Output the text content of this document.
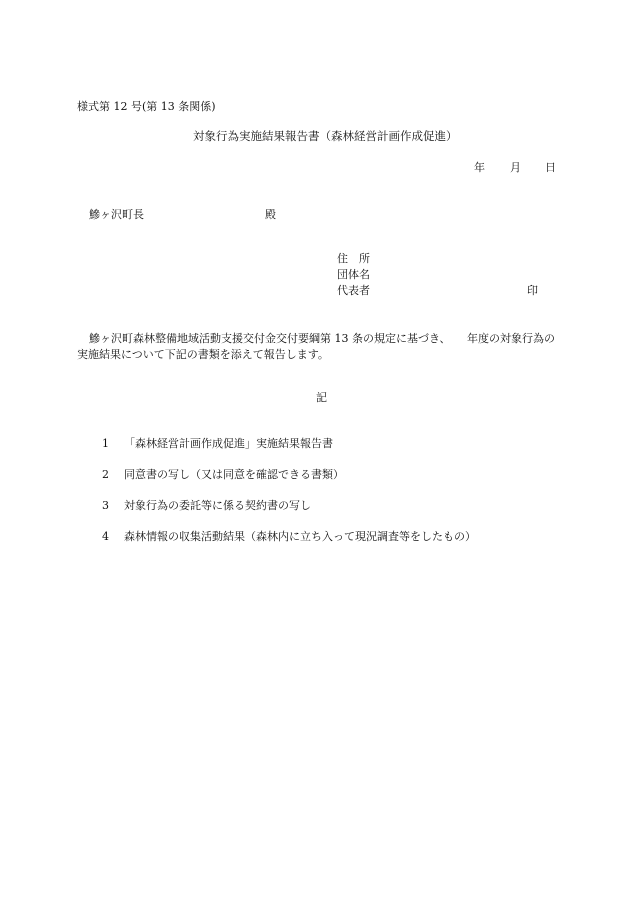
様式第 12 号(第 13 条関係)
対象行為実施結果報告書（森林経営計画作成促進）
年 月 日
鰺ヶ沢町長	殿
住　所
団体名
代表者	印
鰺ヶ沢町森林整備地域活動支援交付金交付要綱第 13 条の規定に基づき、　　年度の対象行為の実施結果について下記の書類を添えて報告します。
記
1 「森林経営計画作成促進」実施結果報告書
2 同意書の写し（又は同意を確認できる書類）
3 対象行為の委託等に係る契約書の写し
4 森林情報の収集活動結果（森林内に立ち入って現況調査等をしたもの）
